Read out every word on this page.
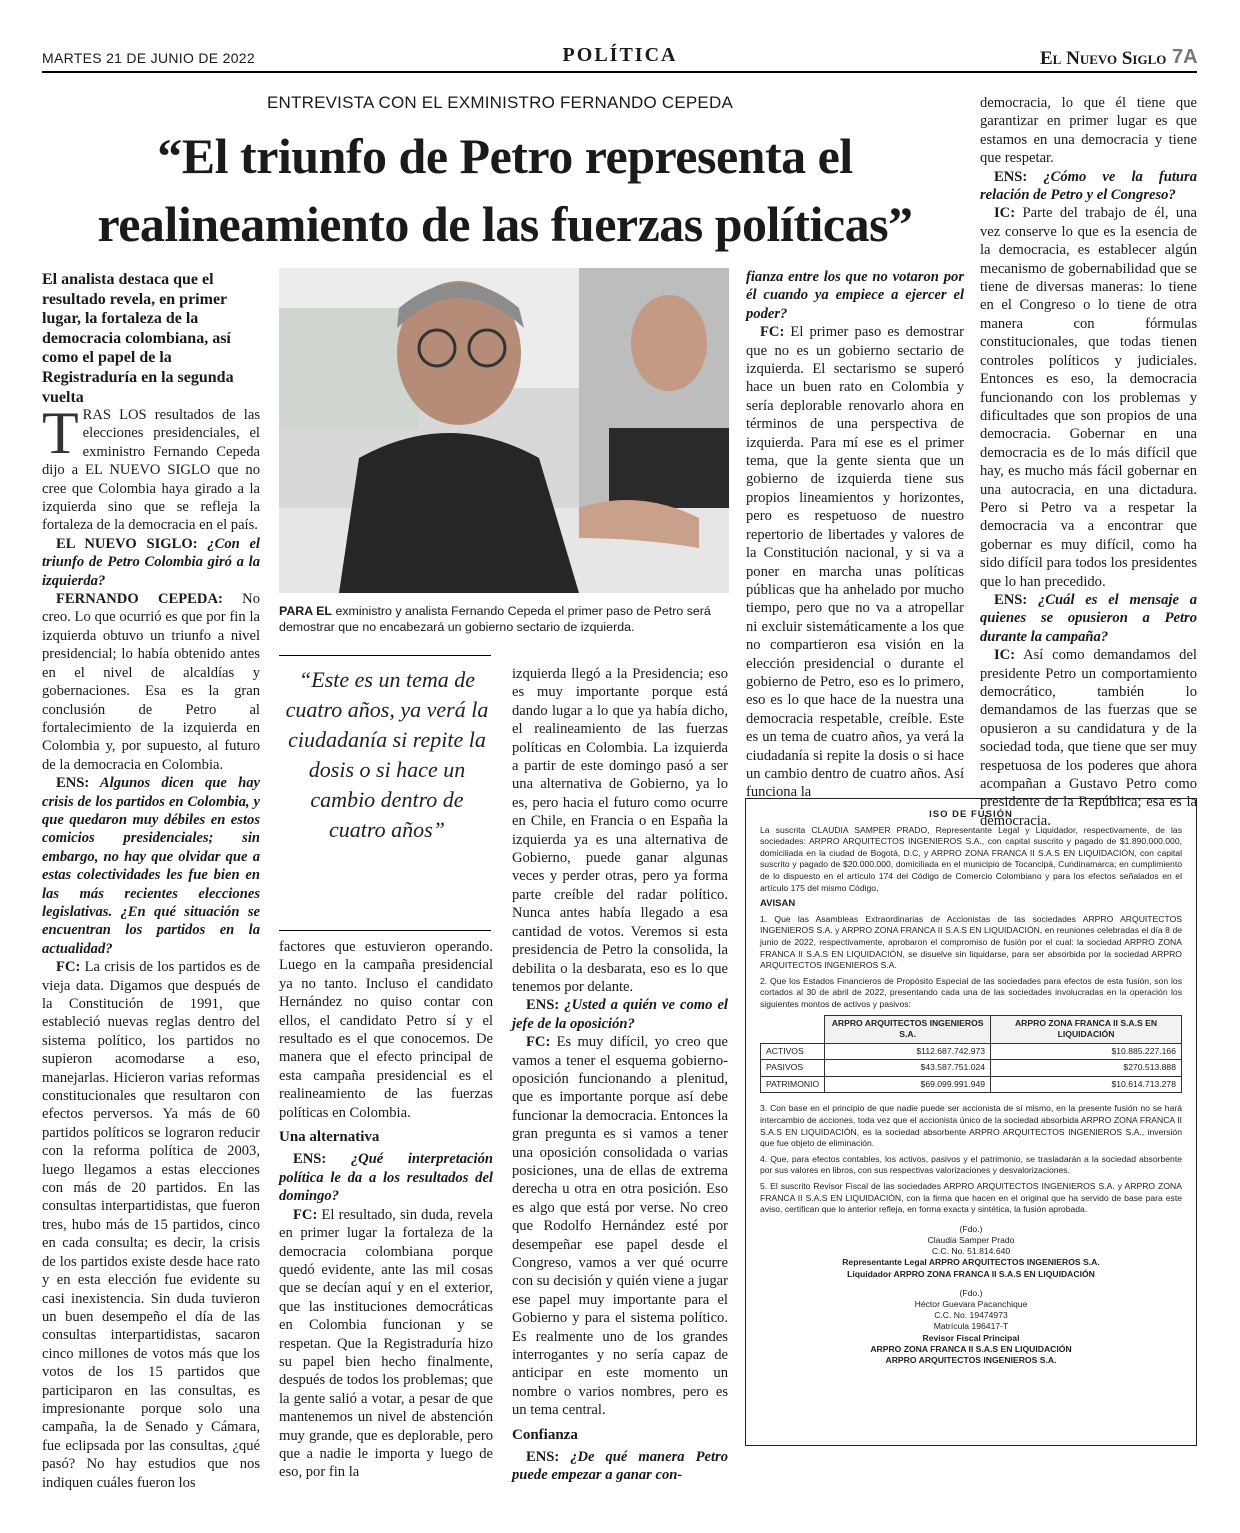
MARTES 21 DE JUNIO DE 2022	POLÍTICA	El Nuevo Siglo 7A
ENTREVISTA CON EL EXMINISTRO FERNANDO CEPEDA
“El triunfo de Petro representa el
realineamiento de las fuerzas políticas”
El analista destaca que el resultado revela, en primer lugar, la fortaleza de la democracia colombiana, así como el papel de la Registraduría en la segunda vuelta
PARA EL exministro y analista Fernando Cepeda el primer paso de Petro será demostrar que no encabezará un gobierno sectario de izquierda.
“Este es un tema de cuatro años, ya verá la ciudadanía si repite la dosis o si hace un cambio dentro de cuatro años”

TRAS LOS resultados de las elecciones presidenciales, el exministro Fernando Cepeda dijo a EL NUEVO SIGLO que no cree que Colombia haya girado a la izquierda sino que se refleja la fortaleza de la democracia en el país.

EL NUEVO SIGLO: ¿Con el triunfo de Petro Colombia giró a la izquierda?

FERNANDO CEPEDA: No creo. Lo que ocurrió es que por fin la izquierda obtuvo un triunfo a nivel presidencial; lo había obtenido antes en el nivel de alcaldías y gobernaciones. Esa es la gran conclusión de Petro al fortalecimiento de la izquierda en Colombia y, por supuesto, al futuro de la democracia en Colombia.

ENS: Algunos dicen que hay crisis de los partidos en Colombia, y que quedaron muy débiles en estos comicios presidenciales; sin embargo, no hay que olvidar que a estas colectividades les fue bien en las más recientes elecciones legislativas. ¿En qué situación se encuentran los partidos en la actualidad?

FC: La crisis de los partidos es de vieja data. Digamos que después de la Constitución de 1991, que estableció nuevas reglas dentro del sistema político, los partidos no supieron acomodarse a eso, manejarlas. Hicieron varias reformas constitucionales que resultaron con efectos perversos. Ya más de 60 partidos políticos se lograron reducir con la reforma política de 2003, luego llegamos a estas elecciones con más de 20 partidos. En las consultas interpartidistas, que fueron tres, hubo más de 15 partidos, cinco en cada consulta; es decir, la crisis de los partidos existe desde hace rato y en esta elección fue evidente su casi inexistencia. Sin duda tuvieron un buen desempeño el día de las consultas interpartidistas, sacaron cinco millones de votos más que los votos de los 15 partidos que participaron en las consultas, es impresionante porque solo una campaña, la de Senado y Cámara, fue eclipsada por las consultas, ¿qué pasó? No hay estudios que nos indiquen cuáles fueron los

factores que estuvieron operando. Luego en la campaña presidencial ya no tanto. Incluso el candidato Hernández no quiso contar con ellos, el candidato Petro sí y el resultado es el que conocemos. De manera que el efecto principal de esta campaña presidencial es el realineamiento de las fuerzas políticas en Colombia.

Una alternativa

ENS: ¿Qué interpretación política le da a los resultados del domingo?

FC: El resultado, sin duda, revela en primer lugar la fortaleza de la democracia colombiana porque quedó evidente, ante las mil cosas que se decían aquí y en el exterior, que las instituciones democráticas en Colombia funcionan y se respetan. Que la Registraduría hizo su papel bien hecho finalmente, después de todos los problemas; que la gente salió a votar, a pesar de que mantenemos un nivel de abstención muy grande, que es deplorable, pero que a nadie le importa y luego de eso, por fin la

izquierda llegó a la Presidencia; eso es muy importante porque está dando lugar a lo que ya había dicho, el realineamiento de las fuerzas políticas en Colombia. La izquierda a partir de este domingo pasó a ser una alternativa de Gobierno, ya lo es, pero hacia el futuro como ocurre en Chile, en Francia o en España la izquierda ya es una alternativa de Gobierno, puede ganar algunas veces y perder otras, pero ya forma parte creíble del radar político. Nunca antes había llegado a esa cantidad de votos. Veremos si esta presidencia de Petro la consolida, la debilita o la desbarata, eso es lo que tenemos por delante.

ENS: ¿Usted a quién ve como el jefe de la oposición?

FC: Es muy difícil, yo creo que vamos a tener el esquema gobierno-oposición funcionando a plenitud, que es importante porque así debe funcionar la democracia. Entonces la gran pregunta es si vamos a tener una oposición consolidada o varias posiciones, una de ellas de extrema derecha u otra en otra posición. Eso es algo que está por verse. No creo que Rodolfo Hernández esté por desempeñar ese papel desde el Congreso, vamos a ver qué ocurre con su decisión y quién viene a jugar ese papel muy importante para el Gobierno y para el sistema político. Es realmente uno de los grandes interrogantes y no sería capaz de anticipar en este momento un nombre o varios nombres, pero es un tema central.

Confianza

ENS: ¿De qué manera Petro puede empezar a ganar con-

fianza entre los que no votaron por él cuando ya empiece a ejercer el poder?

FC: El primer paso es demostrar que no es un gobierno sectario de izquierda. El sectarismo se superó hace un buen rato en Colombia y sería deplorable renovarlo ahora en términos de una perspectiva de izquierda. Para mí ese es el primer tema, que la gente sienta que un gobierno de izquierda tiene sus propios lineamientos y horizontes, pero es respetuoso de nuestro repertorio de libertades y valores de la Constitución nacional, y si va a poner en marcha unas políticas públicas que ha anhelado por mucho tiempo, pero que no va a atropellar ni excluir sistemáticamente a los que no compartieron esa visión en la elección presidencial o durante el gobierno de Petro, eso es lo primero, eso es lo que hace de la nuestra una democracia respetable, creíble. Este es un tema de cuatro años, ya verá la ciudadanía si repite la dosis o si hace un cambio dentro de cuatro años. Así funciona la

democracia, lo que él tiene que garantizar en primer lugar es que estamos en una democracia y tiene que respetar.

ENS: ¿Cómo ve la futura relación de Petro y el Congreso?

IC: Parte del trabajo de él, una vez conserve lo que es la esencia de la democracia, es establecer algún mecanismo de gobernabilidad que se tiene de diversas maneras: lo tiene en el Congreso o lo tiene de otra manera con fórmulas constitucionales, que todas tienen controles políticos y judiciales. Entonces es eso, la democracia funcionando con los problemas y dificultades que son propios de una democracia. Gobernar en una democracia es de lo más difícil que hay, es mucho más fácil gobernar en una autocracia, en una dictadura. Pero si Petro va a respetar la democracia va a encontrar que gobernar es muy difícil, como ha sido difícil para todos los presidentes que lo han precedido.

ENS: ¿Cuál es el mensaje a quienes se opusieron a Petro durante la campaña?

IC: Así como demandamos del presidente Petro un comportamiento democrático, también lo demandamos de las fuerzas que se opusieron a su candidatura y de la sociedad toda, que tiene que ser muy respetuosa de los poderes que ahora acompañan a Gustavo Petro como presidente de la República; esa es la democracia.

ISO DE FUSIÓN

La suscrita CLAUDIA SAMPER PRADO, Representante Legal y Liquidador, respectivamente, de las sociedades: ARPRO ARQUITECTOS INGENIEROS S.A., con capital suscrito y pagado de $1.890.000.000, domiciliada en la ciudad de Bogotá, D.C, y ARPRO ZONA FRANCA II S.A.S EN LIQUIDACIÓN, con capital suscrito y pagado de $20.000.000, domiciliada en el municipio de Tocancipá, Cundinamarca; en cumplimiento de lo dispuesto en el artículo 174 del Código de Comercio Colombiano y para los efectos señalados en el artículo 175 del mismo Código,

AVISAN

1. Que las Asambleas Extraordinarias de Accionistas de las sociedades ARPRO ARQUITECTOS INGENIEROS S.A. y ARPRO ZONA FRANCA II S.A.S EN LIQUIDACIÓN, en reuniones celebradas el día 8 de junio de 2022, respectivamente, aprobaron el compromiso de fusión por el cual: la sociedad ARPRO ZONA FRANCA II S.A.S EN LIQUIDACIÓN, se disuelve sin liquidarse, para ser absorbida por la sociedad ARPRO ARQUITECTOS INGENIEROS S.A.

2. Que los Estados Financieros de Propósito Especial de las sociedades para efectos de esta fusión, son los cortados al 30 de abril de 2022, presentando cada una de las sociedades involucradas en la operación los siguientes montos de activos y pasivos:

	ARPRO ARQUITECTOS INGENIEROS S.A.	ARPRO ZONA FRANCA II S.A.S EN LIQUIDACIÓN
ACTIVOS	$112.687.742.973	$10.885.227.166
PASIVOS	$43.587.751.024	$270.513.888
PATRIMONIO	$69.099.991.949	$10.614.713.278

3. Con base en el principio de que nadie puede ser accionista de sí mismo, en la presente fusión no se hará intercambio de acciones, toda vez que el accionista único de la sociedad absorbida ARPRO ZONA FRANCA II S.A.S EN LIQUIDACIÓN, es la sociedad absorbente ARPRO ARQUITECTOS INGENIEROS S.A., inversión que fue objeto de eliminación.

4. Que, para efectos contables, los activos, pasivos y el patrimonio, se trasladarán a la sociedad absorbente por sus valores en libros, con sus respectivas valorizaciones y desvalorizaciones.

5. El suscrito Revisor Fiscal de las sociedades ARPRO ARQUITECTOS INGENIEROS S.A. y ARPRO ZONA FRANCA II S.A.S EN LIQUIDACIÓN, con la firma que hacen en el original que ha servido de base para este aviso, certifican que lo anterior refleja, en forma exacta y sintética, la fusión aprobada.

(Fdo.)
Claudia Samper Prado
C.C. No. 51.814.640
Representante Legal ARPRO ARQUITECTOS INGENIEROS S.A.
Liquidador ARPRO ZONA FRANCA II S.A.S EN LIQUIDACIÓN
(Fdo.)
Héctor Guevara Pacanchique
C.C. No. 19474973
Matrícula 196417-T
Revisor Fiscal Principal
ARPRO ZONA FRANCA II S.A.S EN LIQUIDACIÓN
ARPRO ARQUITECTOS INGENIEROS S.A.
